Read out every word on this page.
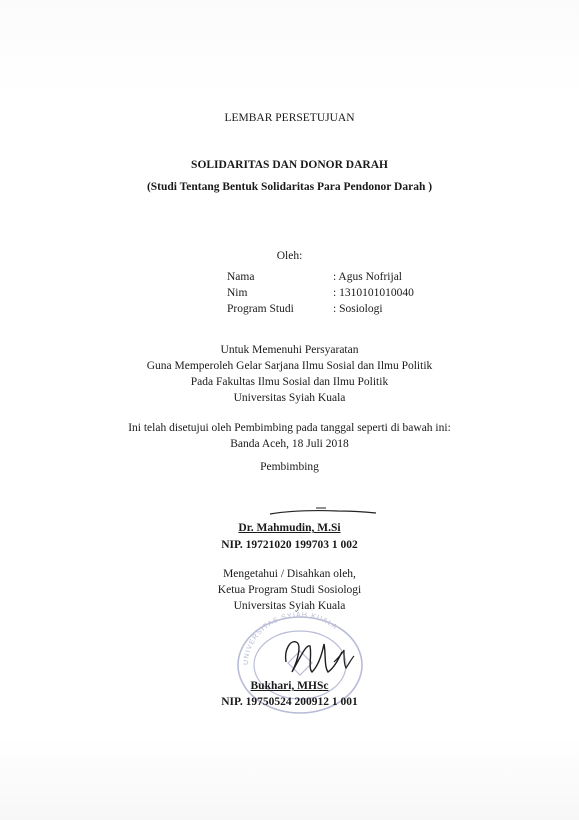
LEMBAR PERSETUJUAN
SOLIDARITAS DAN DONOR DARAH
(Studi Tentang Bentuk Solidaritas Para Pendonor Darah )
Oleh:
Nama	: Agus Nofrijal
Nim	: 1310101010040
Program Studi	: Sosiologi
Untuk Memenuhi Persyaratan
Guna Memperoleh Gelar Sarjana Ilmu Sosial dan Ilmu Politik
Pada Fakultas Ilmu Sosial dan Ilmu Politik
Universitas Syiah Kuala
Ini telah disetujui oleh Pembimbing pada tanggal seperti di bawah ini:
Banda Aceh, 18 Juli 2018
Pembimbing
Dr. Mahmudin, M.Si
NIP. 19721020 199703 1 002
Mengetahui / Disahkan oleh,
Ketua Program Studi Sosiologi
Universitas Syiah Kuala
UNIVERSITAS SYIAH KUALA
Bukhari, MHSc
NIP. 19750524 200912 1 001
